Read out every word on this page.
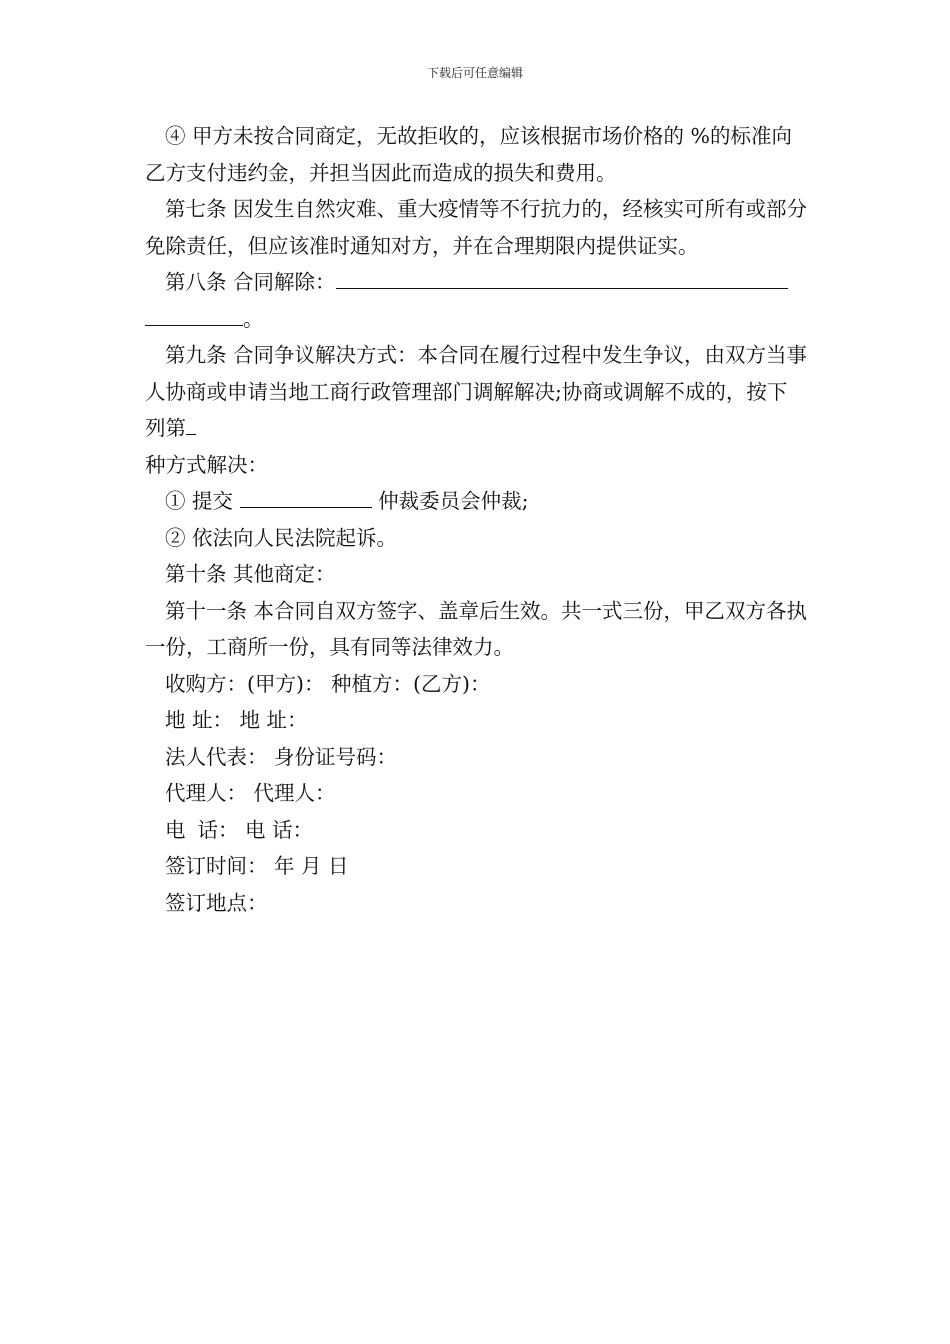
下载后可任意编辑

④ 甲方未按合同商定，无故拒收的，应该根据市场价格的 %的标准向乙方支付违约金，并担当因此而造成的损失和费用。

第七条 因发生自然灾难、重大疫情等不行抗力的，经核实可所有或部分免除责任，但应该准时通知对方，并在合理期限内提供证实。

第八条 合同解除：

。

第九条 合同争议解决方式：本合同在履行过程中发生争议，由双方当事人协商或申请当地工商行政管理部门调解解决;协商或调解不成的，按下列第

种方式解决：

① 提交	仲裁委员会仲裁;

② 依法向人民法院起诉。

第十条 其他商定：

第十一条 本合同自双方签字、盖章后生效。共一式三份，甲乙双方各执一份，工商所一份，具有同等法律效力。

收购方：(甲方)： 种植方：(乙方)：

地 址： 地 址：

法人代表： 身份证号码：

代理人： 代理人：

电 话： 电 话：

签订时间： 年 月 日

签订地点：
